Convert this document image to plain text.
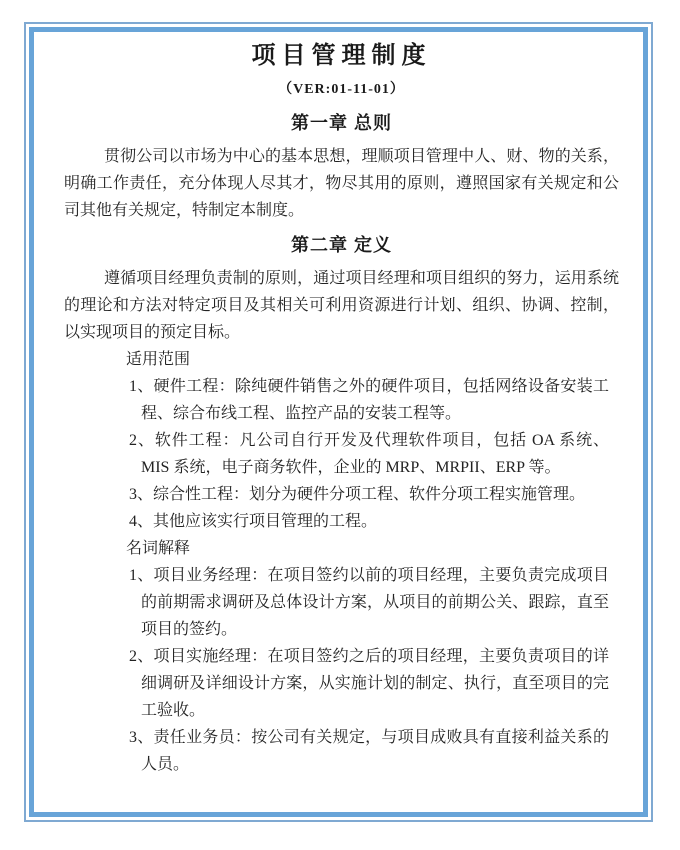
项目管理制度
（VER:01-11-01）
第一章 总则

贯彻公司以市场为中心的基本思想，理顺项目管理中人、财、物的关系，明确工作责任，充分体现人尽其才，物尽其用的原则，遵照国家有关规定和公司其他有关规定，特制定本制度。

第二章 定义

遵循项目经理负责制的原则，通过项目经理和项目组织的努力，运用系统的理论和方法对特定项目及其相关可利用资源进行计划、组织、协调、控制，以实现项目的预定目标。

适用范围
1、硬件工程：除纯硬件销售之外的硬件项目，包括网络设备安装工程、综合布线工程、监控产品的安装工程等。
2、软件工程：凡公司自行开发及代理软件项目，包括 OA 系统、MIS 系统，电子商务软件，企业的 MRP、MRPII、ERP 等。
3、综合性工程：划分为硬件分项工程、软件分项工程实施管理。
4、其他应该实行项目管理的工程。
名词解释
1、项目业务经理：在项目签约以前的项目经理，主要负责完成项目的前期需求调研及总体设计方案，从项目的前期公关、跟踪，直至项目的签约。
2、项目实施经理：在项目签约之后的项目经理，主要负责项目的详细调研及详细设计方案，从实施计划的制定、执行，直至项目的完工验收。
3、责任业务员：按公司有关规定，与项目成败具有直接利益关系的人员。
